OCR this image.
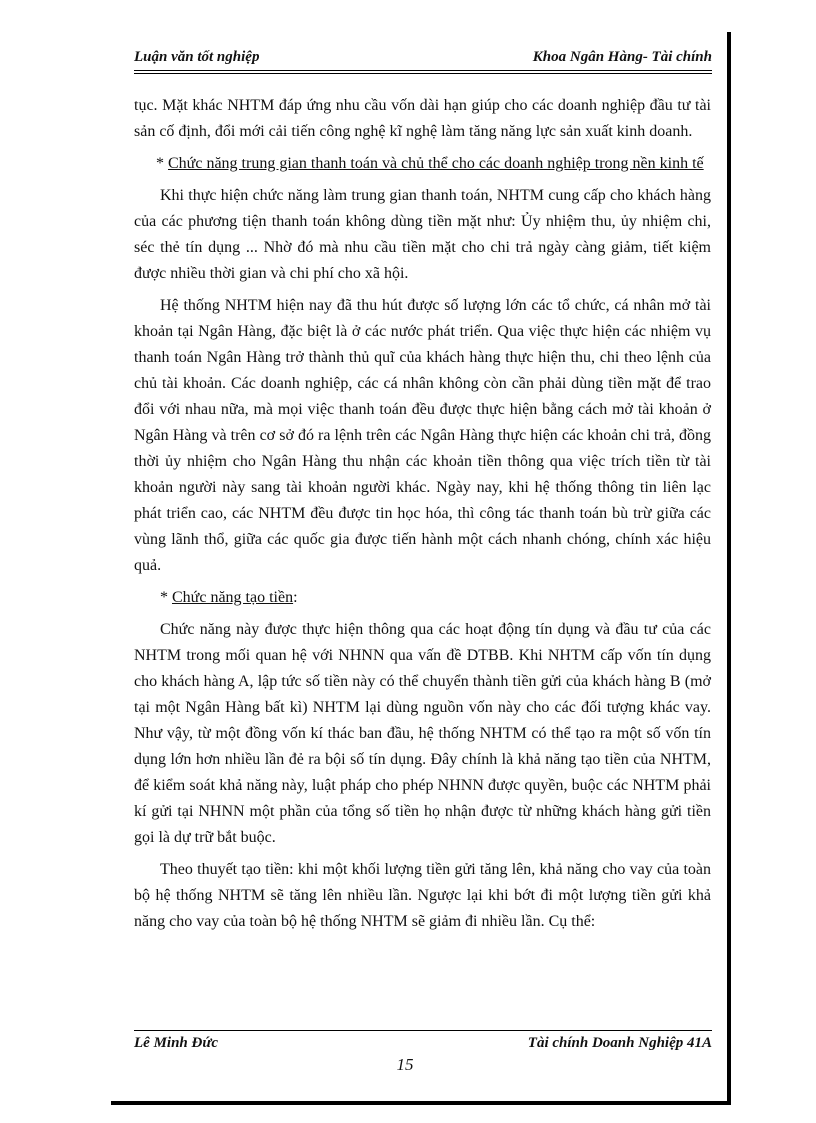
Luận văn tốt nghiệp	Khoa Ngân Hàng- Tài chính

tục. Mặt khác NHTM đáp ứng nhu cầu vốn dài hạn giúp cho các doanh nghiệp đầu tư tài sản cố định, đổi mới cải tiến công nghệ kĩ nghệ làm tăng năng lực sản xuất kinh doanh.

* Chức năng trung gian thanh toán và chủ thể cho các doanh nghiệp trong nền kinh tế

Khi thực hiện chức năng làm trung gian thanh toán, NHTM cung cấp cho khách hàng của các phương tiện thanh toán không dùng tiền mặt như: Ủy nhiệm thu, ủy nhiệm chi, séc thẻ tín dụng ... Nhờ đó mà nhu cầu tiền mặt cho chi trả ngày càng giảm, tiết kiệm được nhiều thời gian và chi phí cho xã hội.

Hệ thống NHTM hiện nay đã thu hút được số lượng lớn các tổ chức, cá nhân mở tài khoản tại Ngân Hàng, đặc biệt là ở các nước phát triển. Qua việc thực hiện các nhiệm vụ thanh toán Ngân Hàng trở thành thủ quĩ của khách hàng thực hiện thu, chi theo lệnh của chủ tài khoản. Các doanh nghiệp, các cá nhân không còn cần phải dùng tiền mặt để trao đổi với nhau nữa, mà mọi việc thanh toán đều được thực hiện bằng cách mở tài khoản ở Ngân Hàng và trên cơ sở đó ra lệnh trên các Ngân Hàng thực hiện các khoản chi trả, đồng thời ủy nhiệm cho Ngân Hàng thu nhận các khoản tiền thông qua việc trích tiền từ tài khoản người này sang tài khoản người khác. Ngày nay, khi hệ thống thông tin liên lạc phát triển cao, các NHTM đều được tin học hóa, thì công tác thanh toán bù trừ giữa các vùng lãnh thổ, giữa các quốc gia được tiến hành một cách nhanh chóng, chính xác hiệu quả.

* Chức năng tạo tiền:

Chức năng này được thực hiện thông qua các hoạt động tín dụng và đầu tư của các NHTM trong mối quan hệ với NHNN qua vấn đề DTBB. Khi NHTM cấp vốn tín dụng cho khách hàng A, lập tức số tiền này có thể chuyển thành tiền gửi của khách hàng B (mở tại một Ngân Hàng bất kì) NHTM lại dùng nguồn vốn này cho các đối tượng khác vay. Như vậy, từ một đồng vốn kí thác ban đầu, hệ thống NHTM có thể tạo ra một số vốn tín dụng lớn hơn nhiều lần đẻ ra bội số tín dụng. Đây chính là khả năng tạo tiền của NHTM, để kiểm soát khả năng này, luật pháp cho phép NHNN được quyền, buộc các NHTM phải kí gửi tại NHNN một phần của tổng số tiền họ nhận được từ những khách hàng gửi tiền gọi là dự trữ bắt buộc.

Theo thuyết tạo tiền: khi một khối lượng tiền gửi tăng lên, khả năng cho vay của toàn bộ hệ thống NHTM sẽ tăng lên nhiều lần. Ngược lại khi bớt đi một lượng tiền gửi khả năng cho vay của toàn bộ hệ thống NHTM sẽ giảm đi nhiều lần. Cụ thể:

Lê Minh Đức	Tài chính Doanh Nghiệp 41A
15
